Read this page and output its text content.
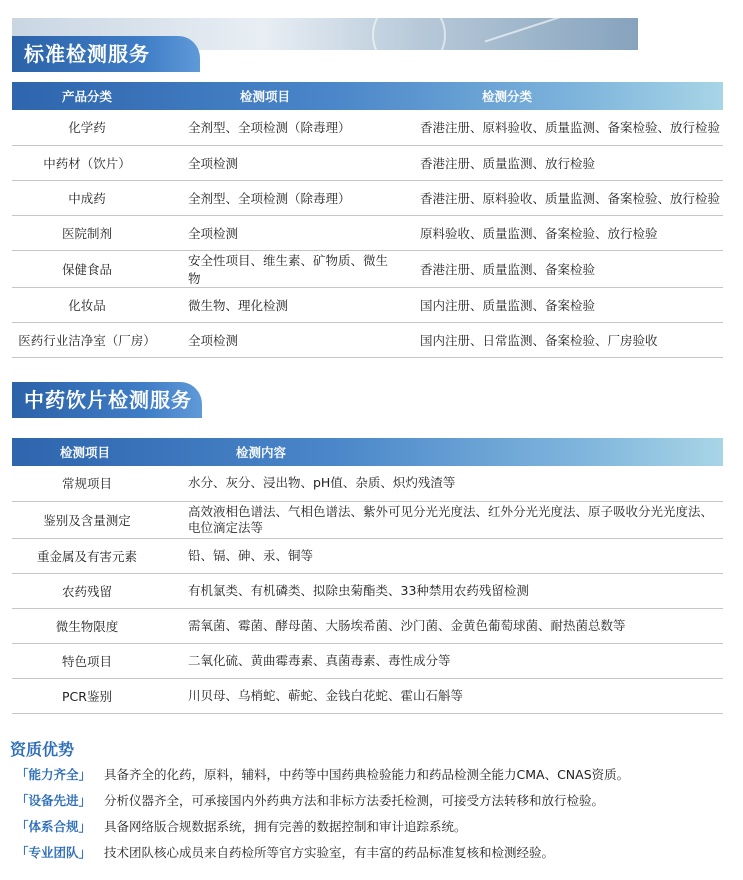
标准检测服务
产品分类	检测项目	检测分类
化学药	全剂型、全项检测（除毒理）	香港注册、原料验收、质量监测、备案检验、放行检验
中药材（饮片）	全项检测	香港注册、质量监测、放行检验
中成药	全剂型、全项检测（除毒理）	香港注册、原料验收、质量监测、备案检验、放行检验
医院制剂	全项检测	原料验收、质量监测、备案检验、放行检验
保健食品	安全性项目、维生素、矿物质、微生物	香港注册、质量监测、备案检验
化妆品	微生物、理化检测	国内注册、质量监测、备案检验
医药行业洁净室（厂房）	全项检测	国内注册、日常监测、备案检验、厂房验收
中药饮片检测服务
检测项目	检测内容
常规项目	水分、灰分、浸出物、pH值、杂质、炽灼残渣等
鉴别及含量测定	高效液相色谱法、气相色谱法、紫外可见分光光度法、红外分光光度法、原子吸收分光光度法、
电位滴定法等
重金属及有害元素	铅、镉、砷、汞、铜等
农药残留	有机氯类、有机磷类、拟除虫菊酯类、33种禁用农药残留检测
微生物限度	需氧菌、霉菌、酵母菌、大肠埃希菌、沙门菌、金黄色葡萄球菌、耐热菌总数等
特色项目	二氧化硫、黄曲霉毒素、真菌毒素、毒性成分等
PCR鉴别	川贝母、乌梢蛇、蕲蛇、金钱白花蛇、霍山石斛等
资质优势
「能力齐全」	具备齐全的化药，原料，辅料，中药等中国药典检验能力和药品检测全能力CMA、CNAS资质。
「设备先进」	分析仪器齐全，可承接国内外药典方法和非标方法委托检测，可接受方法转移和放行检验。
「体系合规」	具备网络版合规数据系统，拥有完善的数据控制和审计追踪系统。
「专业团队」	技术团队核心成员来自药检所等官方实验室，有丰富的药品标准复核和检测经验。
